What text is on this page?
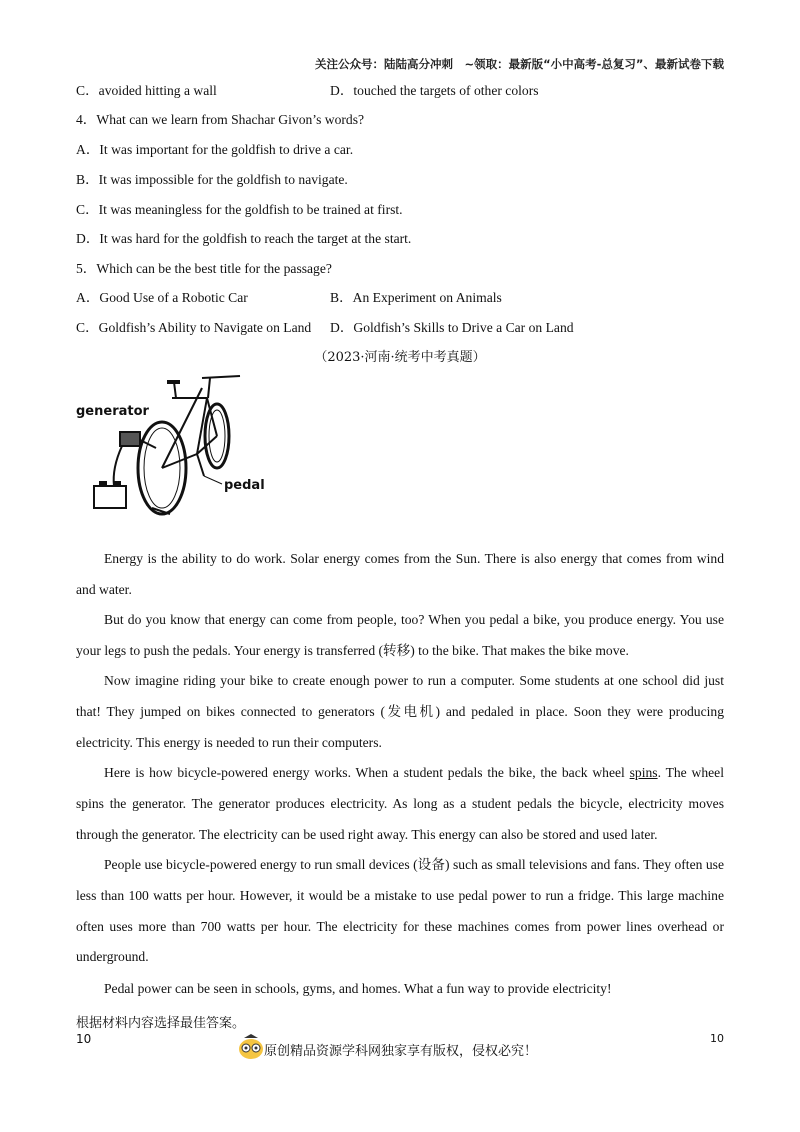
关注公众号：陆陆高分冲刺　~领取：最新版“小中高考-总复习”、最新试卷下载
C．avoided hitting a wall	D．touched the targets of other colors
4．What can we learn from Shachar Givon’s words?
A．It was important for the goldfish to drive a car.
B．It was impossible for the goldfish to navigate.
C．It was meaningless for the goldfish to be trained at first.
D．It was hard for the goldfish to reach the target at the start.
5．Which can be the best title for the passage?
A．Good Use of a Robotic Car	B．An Experiment on Animals
C．Goldfish’s Ability to Navigate on Land D．Goldfish’s Skills to Drive a Car on Land
（2023·河南·统考中考真题）
generator
pedal
Energy is the ability to do work. Solar energy comes from the Sun. There is also energy that comes from wind and water.
But do you know that energy can come from people, too? When you pedal a bike, you produce energy. You use your legs to push the pedals. Your energy is transferred (转移) to the bike. That makes the bike move.
Now imagine riding your bike to create enough power to run a computer. Some students at one school did just that! They jumped on bikes connected to generators (发电机) and pedaled in place. Soon they were producing electricity. This energy is needed to run their computers.
Here is how bicycle-powered energy works. When a student pedals the bike, the back wheel spins. The wheel spins the generator. The generator produces electricity. As long as a student pedals the bicycle, electricity moves through the generator. The electricity can be used right away. This energy can also be stored and used later.
People use bicycle-powered energy to run small devices (设备) such as small televisions and fans. They often use less than 100 watts per hour. However, it would be a mistake to use pedal power to run a fridge. This large machine often uses more than 700 watts per hour. The electricity for these machines comes from power lines overhead or underground.
Pedal power can be seen in schools, gyms, and homes. What a fun way to provide electricity!
根据材料内容选择最佳答案。
10	10
原创精品资源学科网独家享有版权，侵权必究！
